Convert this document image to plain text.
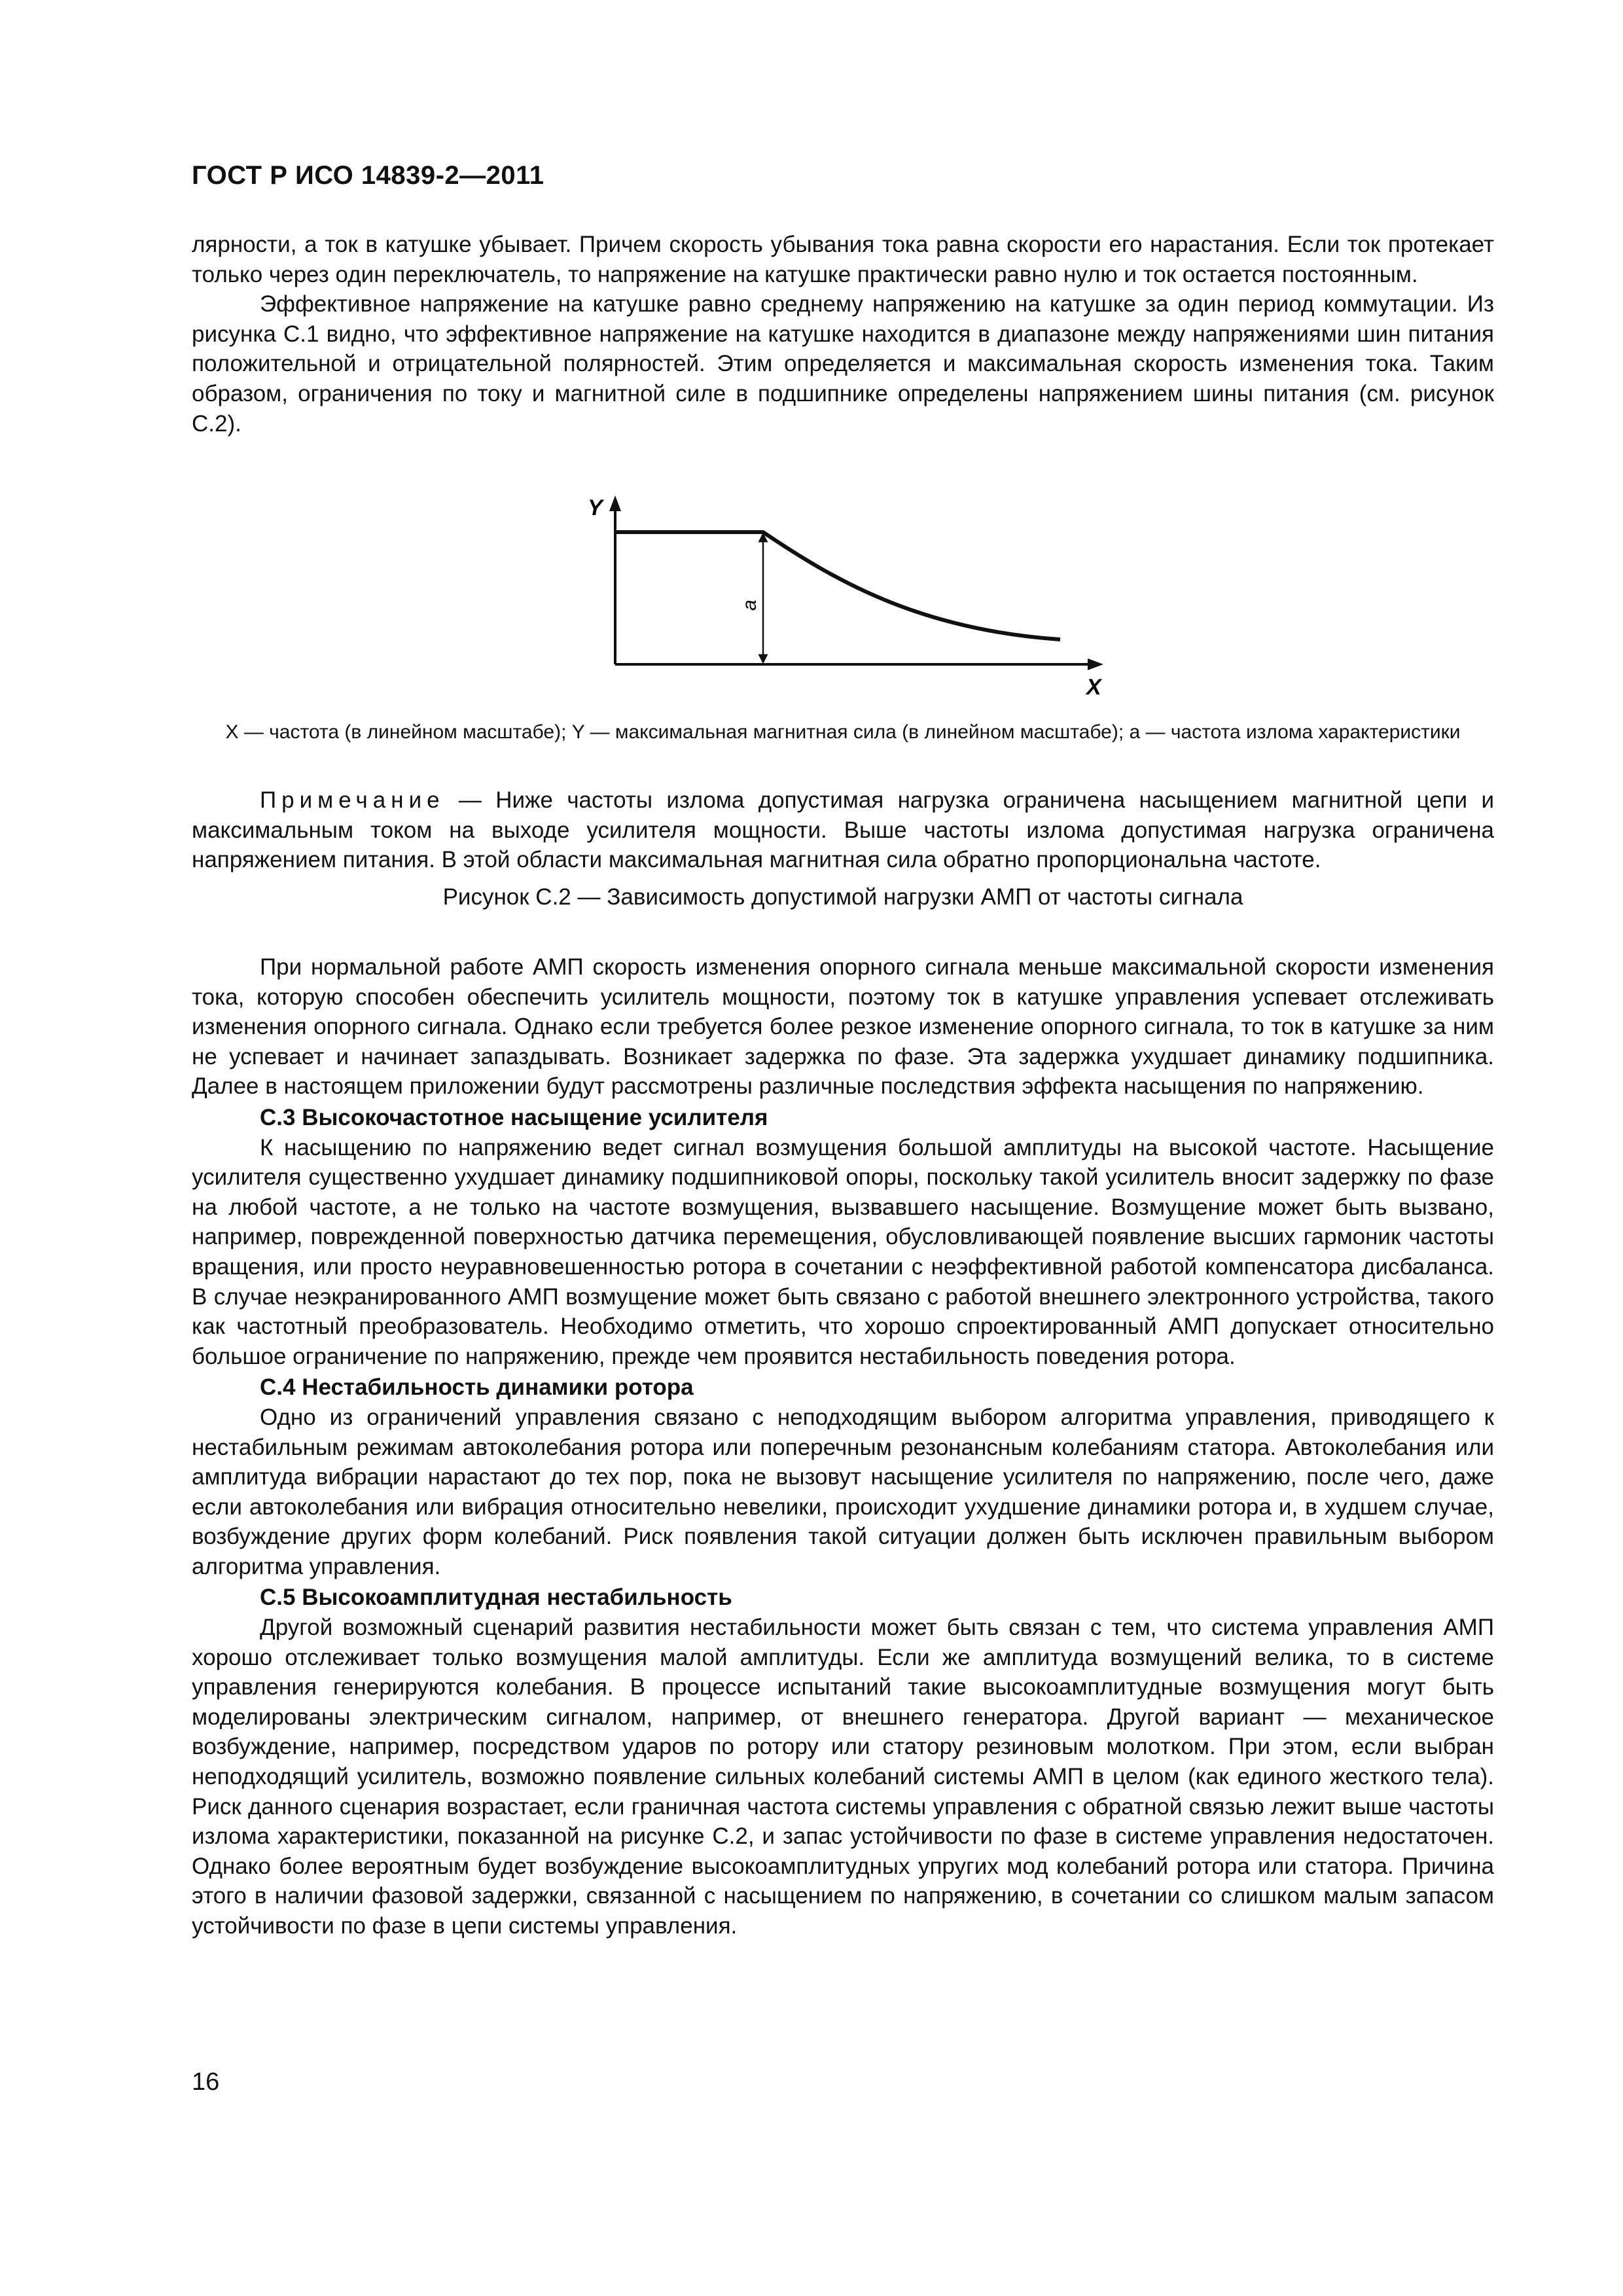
ГОСТ Р ИСО 14839-2—2011

лярности, а ток в катушке убывает. Причем скорость убывания тока равна скорости его нарастания. Если ток протекает только через один переключатель, то напряжение на катушке практически равно нулю и ток остается постоянным.

Эффективное напряжение на катушке равно среднему напряжению на катушке за один период коммутации. Из рисунка С.1 видно, что эффективное напряжение на катушке находится в диапазоне между напряжениями шин питания положительной и отрицательной полярностей. Этим определяется и максимальная скорость изменения тока. Таким образом, ограничения по току и магнитной силе в подшипнике определены напряжением шины питания (см. рисунок С.2).

Y
X
a
X — частота (в линейном масштабе); Y — максимальная магнитная сила (в линейном масштабе); a — частота излома характеристики

Примечание — Ниже частоты излома допустимая нагрузка ограничена насыщением магнитной цепи и максимальным током на выходе усилителя мощности. Выше частоты излома допустимая нагрузка ограничена напряжением питания. В этой области максимальная магнитная сила обратно пропорциональна частоте.

Рисунок С.2 — Зависимость допустимой нагрузки АМП от частоты сигнала

При нормальной работе АМП скорость изменения опорного сигнала меньше максимальной скорости изменения тока, которую способен обеспечить усилитель мощности, поэтому ток в катушке управления успевает отслеживать изменения опорного сигнала. Однако если требуется более резкое изменение опорного сигнала, то ток в катушке за ним не успевает и начинает запаздывать. Возникает задержка по фазе. Эта задержка ухудшает динамику подшипника. Далее в настоящем приложении будут рассмотрены различные последствия эффекта насыщения по напряжению.

С.3 Высокочастотное насыщение усилителя

К насыщению по напряжению ведет сигнал возмущения большой амплитуды на высокой частоте. Насыщение усилителя существенно ухудшает динамику подшипниковой опоры, поскольку такой усилитель вносит задержку по фазе на любой частоте, а не только на частоте возмущения, вызвавшего насыщение. Возмущение может быть вызвано, например, поврежденной поверхностью датчика перемещения, обусловливающей появление высших гармоник частоты вращения, или просто неуравновешенностью ротора в сочетании с неэффективной работой компенсатора дисбаланса. В случае неэкранированного АМП возмущение может быть связано с работой внешнего электронного устройства, такого как частотный преобразователь. Необходимо отметить, что хорошо спроектированный АМП допускает относительно большое ограничение по напряжению, прежде чем проявится нестабильность поведения ротора.

С.4 Нестабильность динамики ротора

Одно из ограничений управления связано с неподходящим выбором алгоритма управления, приводящего к нестабильным режимам автоколебания ротора или поперечным резонансным колебаниям статора. Автоколебания или амплитуда вибрации нарастают до тех пор, пока не вызовут насыщение усилителя по напряжению, после чего, даже если автоколебания или вибрация относительно невелики, происходит ухудшение динамики ротора и, в худшем случае, возбуждение других форм колебаний. Риск появления такой ситуации должен быть исключен правильным выбором алгоритма управления.

С.5 Высокоамплитудная нестабильность

Другой возможный сценарий развития нестабильности может быть связан с тем, что система управления АМП хорошо отслеживает только возмущения малой амплитуды. Если же амплитуда возмущений велика, то в системе управления генерируются колебания. В процессе испытаний такие высокоамплитудные возмущения могут быть моделированы электрическим сигналом, например, от внешнего генератора. Другой вариант — механическое возбуждение, например, посредством ударов по ротору или статору резиновым молотком. При этом, если выбран неподходящий усилитель, возможно появление сильных колебаний системы АМП в целом (как единого жесткого тела). Риск данного сценария возрастает, если граничная частота системы управления с обратной связью лежит выше частоты излома характеристики, показанной на рисунке С.2, и запас устойчивости по фазе в системе управления недостаточен. Однако более вероятным будет возбуждение высокоамплитудных упругих мод колебаний ротора или статора. Причина этого в наличии фазовой задержки, связанной с насыщением по напряжению, в сочетании со слишком малым запасом устойчивости по фазе в цепи системы управления.

16
